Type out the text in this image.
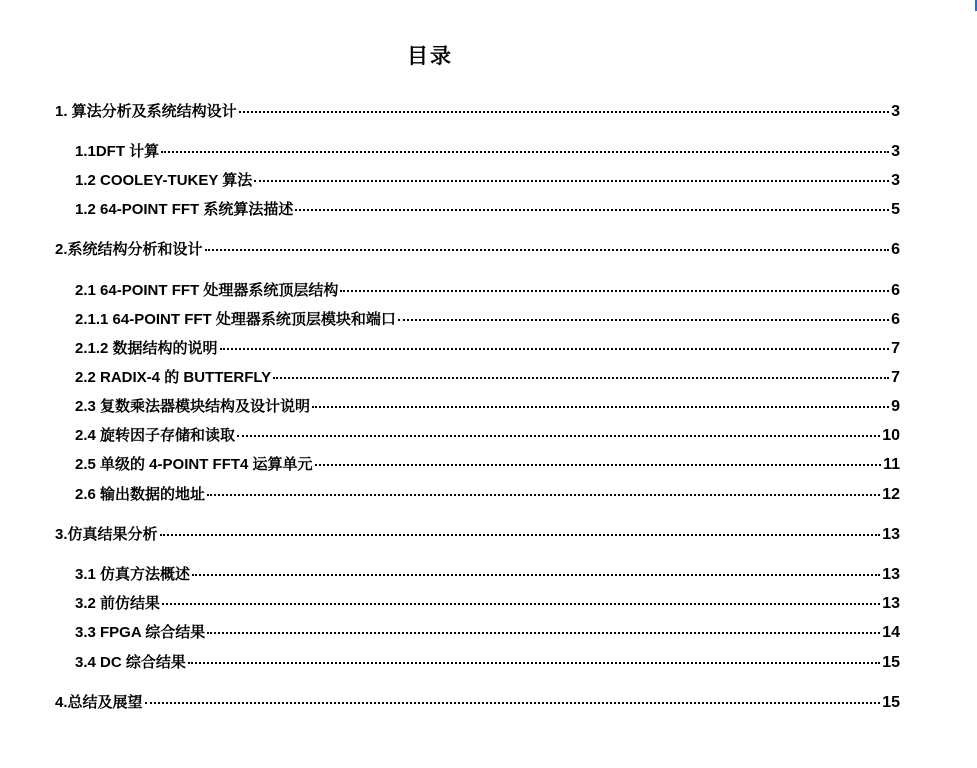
目录
1. 算法分析及系统结构设计	3
1.1DFT 计算	3
1.2 COOLEY-TUKEY 算法	3
1.2 64-POINT FFT 系统算法描述	5
2.系统结构分析和设计	6
2.1 64-POINT FFT 处理器系统顶层结构	6
2.1.1 64-POINT FFT 处理器系统顶层模块和端口	6
2.1.2 数据结构的说明	7
2.2 RADIX-4 的 BUTTERFLY	7
2.3 复数乘法器模块结构及设计说明	9
2.4 旋转因子存储和读取	10
2.5 单级的 4-POINT FFT4 运算单元	11
2.6 输出数据的地址	12
3.仿真结果分析	13
3.1 仿真方法概述	13
3.2 前仿结果	13
3.3 FPGA 综合结果	14
3.4 DC 综合结果	15
4.总结及展望	15
